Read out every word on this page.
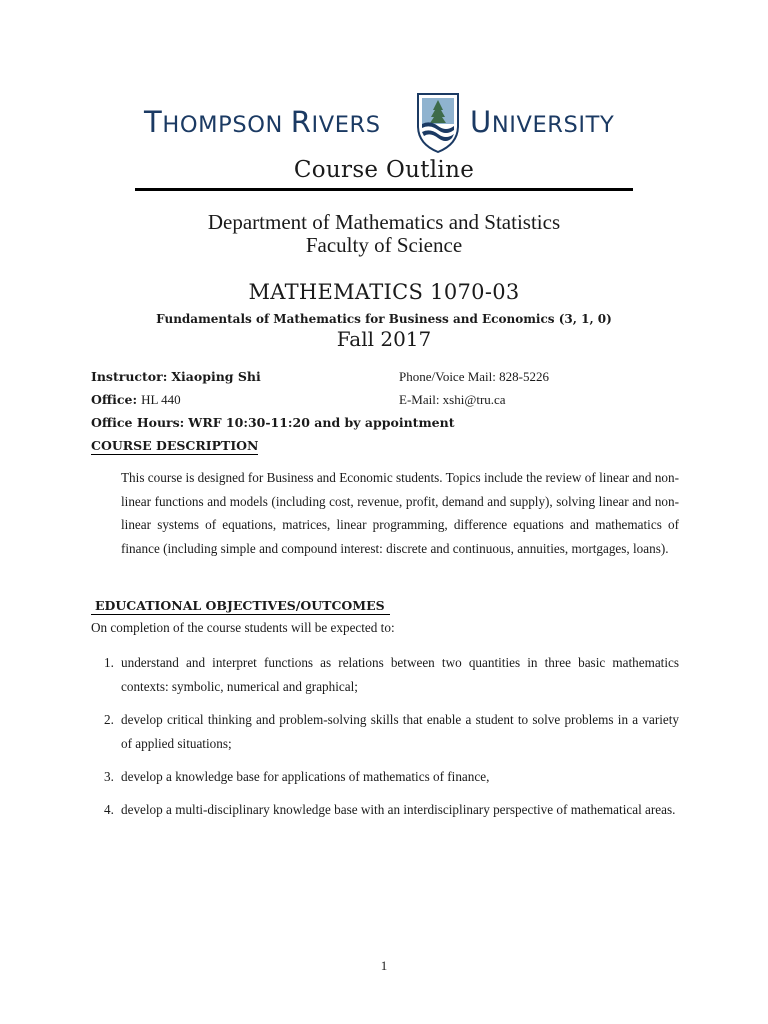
THOMPSON RIVERS	UNIVERSITY
Course Outline
Department of Mathematics and Statistics
Faculty of Science
MATHEMATICS 1070-03
Fundamentals of Mathematics for Business and Economics (3, 1, 0)
Fall 2017
Instructor: Xiaoping Shi	Phone/Voice Mail: 828-5226
Office: HL 440	E-Mail: xshi@tru.ca
Office Hours: WRF 10:30-11:20 and by appointment
COURSE DESCRIPTION
This course is designed for Business and Economic students. Topics include the review of linear and non-linear functions and models (including cost, revenue, profit, demand and supply), solving linear and non-linear systems of equations, matrices, linear programming, difference equations and mathematics of finance (including simple and compound interest: discrete and continuous, annuities, mortgages, loans).
EDUCATIONAL OBJECTIVES/OUTCOMES
On completion of the course students will be expected to:
1. understand and interpret functions as relations between two quantities in three basic mathematics contexts: symbolic, numerical and graphical;
2. develop critical thinking and problem-solving skills that enable a student to solve problems in a variety of applied situations;
3. develop a knowledge base for applications of mathematics of finance,
4. develop a multi-disciplinary knowledge base with an interdisciplinary perspective of mathematical areas.
1
